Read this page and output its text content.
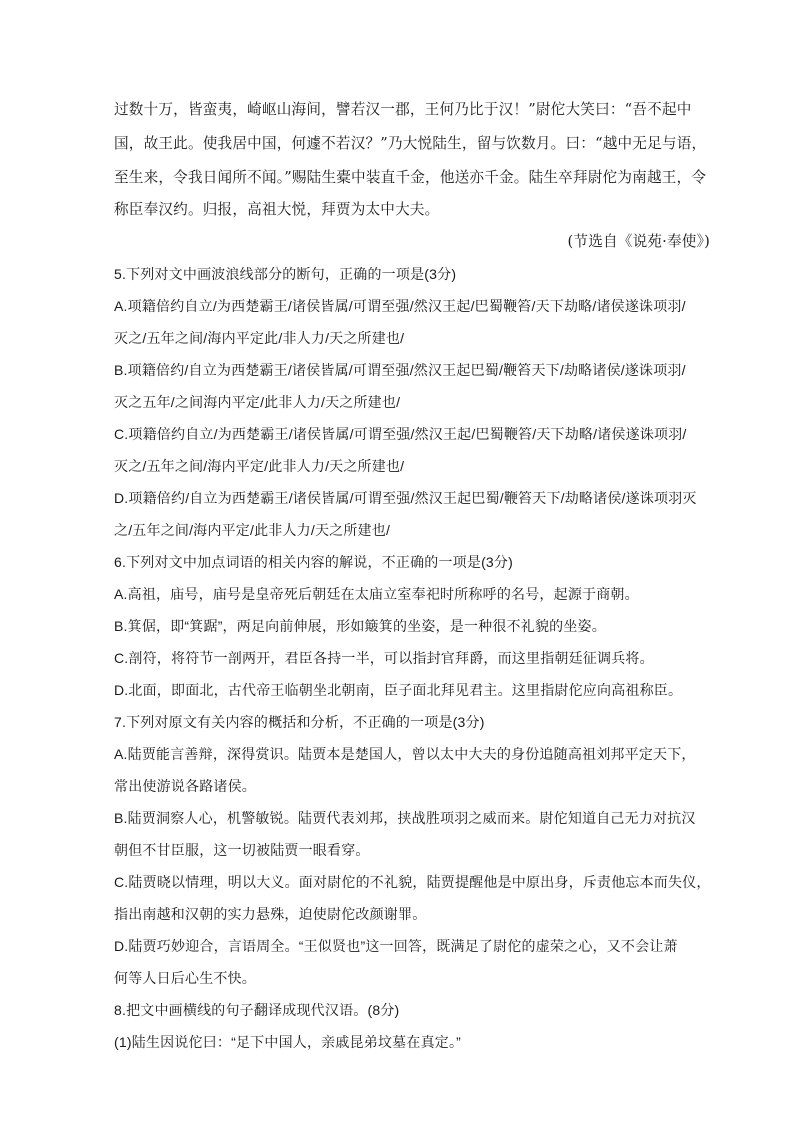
过数十万，皆蛮夷，崎岖山海间，譬若汉一郡，王何乃比于汉！”尉佗大笑曰：“吾不起中
国，故王此。使我居中国，何遽不若汉？”乃大悦陆生，留与饮数月。曰：“越中无足与语，
至生来，令我日闻所不闻。”赐陆生橐中装直千金，他送亦千金。陆生卒拜尉佗为南越王，令
称臣奉汉约。归报，高祖大悦，拜贾为太中大夫。
(节选自《说苑·奉使》)
5.下列对文中画波浪线部分的断句，正确的一项是(3分)
A.项籍倍约自立/为西楚霸王/诸侯皆属/可谓至强/然汉王起/巴蜀鞭笞/天下劫略/诸侯遂诛项羽/
灭之/五年之间/海内平定此/非人力/天之所建也/
B.项籍倍约/自立为西楚霸王/诸侯皆属/可谓至强/然汉王起巴蜀/鞭笞天下/劫略诸侯/遂诛项羽/
灭之五年/之间海内平定/此非人力/天之所建也/
C.项籍倍约自立/为西楚霸王/诸侯皆属/可谓至强/然汉王起/巴蜀鞭笞/天下劫略/诸侯遂诛项羽/
灭之/五年之间/海内平定/此非人力/天之所建也/
D.项籍倍约/自立为西楚霸王/诸侯皆属/可谓至强/然汉王起巴蜀/鞭笞天下/劫略诸侯/遂诛项羽灭
之/五年之间/海内平定/此非人力/天之所建也/
6.下列对文中加点词语的相关内容的解说，不正确的一项是(3分)
A.高祖，庙号，庙号是皇帝死后朝廷在太庙立室奉祀时所称呼的名号，起源于商朝。
B.箕倨，即“箕踞”，两足向前伸展，形如簸箕的坐姿，是一种很不礼貌的坐姿。
C.剖符，将符节一剖两开，君臣各持一半，可以指封官拜爵，而这里指朝廷征调兵将。
D.北面，即面北，古代帝王临朝坐北朝南，臣子面北拜见君主。这里指尉佗应向高祖称臣。
7.下列对原文有关内容的概括和分析，不正确的一项是(3分)
A.陆贾能言善辩，深得赏识。陆贾本是楚国人，曾以太中大夫的身份追随高祖刘邦平定天下，
常出使游说各路诸侯。
B.陆贾洞察人心，机警敏锐。陆贾代表刘邦，挟战胜项羽之威而来。尉佗知道自己无力对抗汉
朝但不甘臣服，这一切被陆贾一眼看穿。
C.陆贾晓以情理，明以大义。面对尉佗的不礼貌，陆贾提醒他是中原出身，斥责他忘本而失仪，
指出南越和汉朝的实力悬殊，迫使尉佗改颜谢罪。
D.陆贾巧妙迎合，言语周全。“王似贤也”这一回答，既满足了尉佗的虚荣之心，又不会让萧
何等人日后心生不快。
8.把文中画横线的句子翻译成现代汉语。(8分)
(1)陆生因说佗曰：“足下中国人，亲戚昆弟坟墓在真定。”
